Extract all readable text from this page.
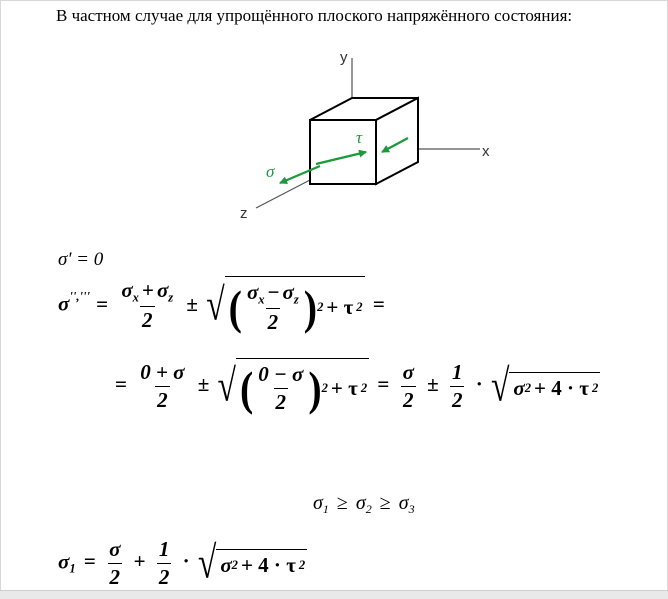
В частном случае для упрощённого плоского напряжённого состояния:
y
x
z
σ
τ
σ' = 0
$\sigma^{'','''} = \frac{\sigma_x + \sigma_z}{2}$ ± √ ( $\frac{\sigma_x - \sigma_z}{2}$ ) 2 + τ 2 =
= $\frac{0 + \sigma}{2}$ ± √ ( $\frac{0 - \sigma}{2}$ ) 2 + τ $2 = \frac{\sigma}{2} \pm \frac{1}{2}$ · √ σ 2 + 4 · τ 2
$\sigma_1 \ge \sigma_2 \ge \sigma_3$
$\sigma_1 = \frac{\sigma}{2} + \frac{1}{2}$ · √ σ 2 + 4 · τ 2
